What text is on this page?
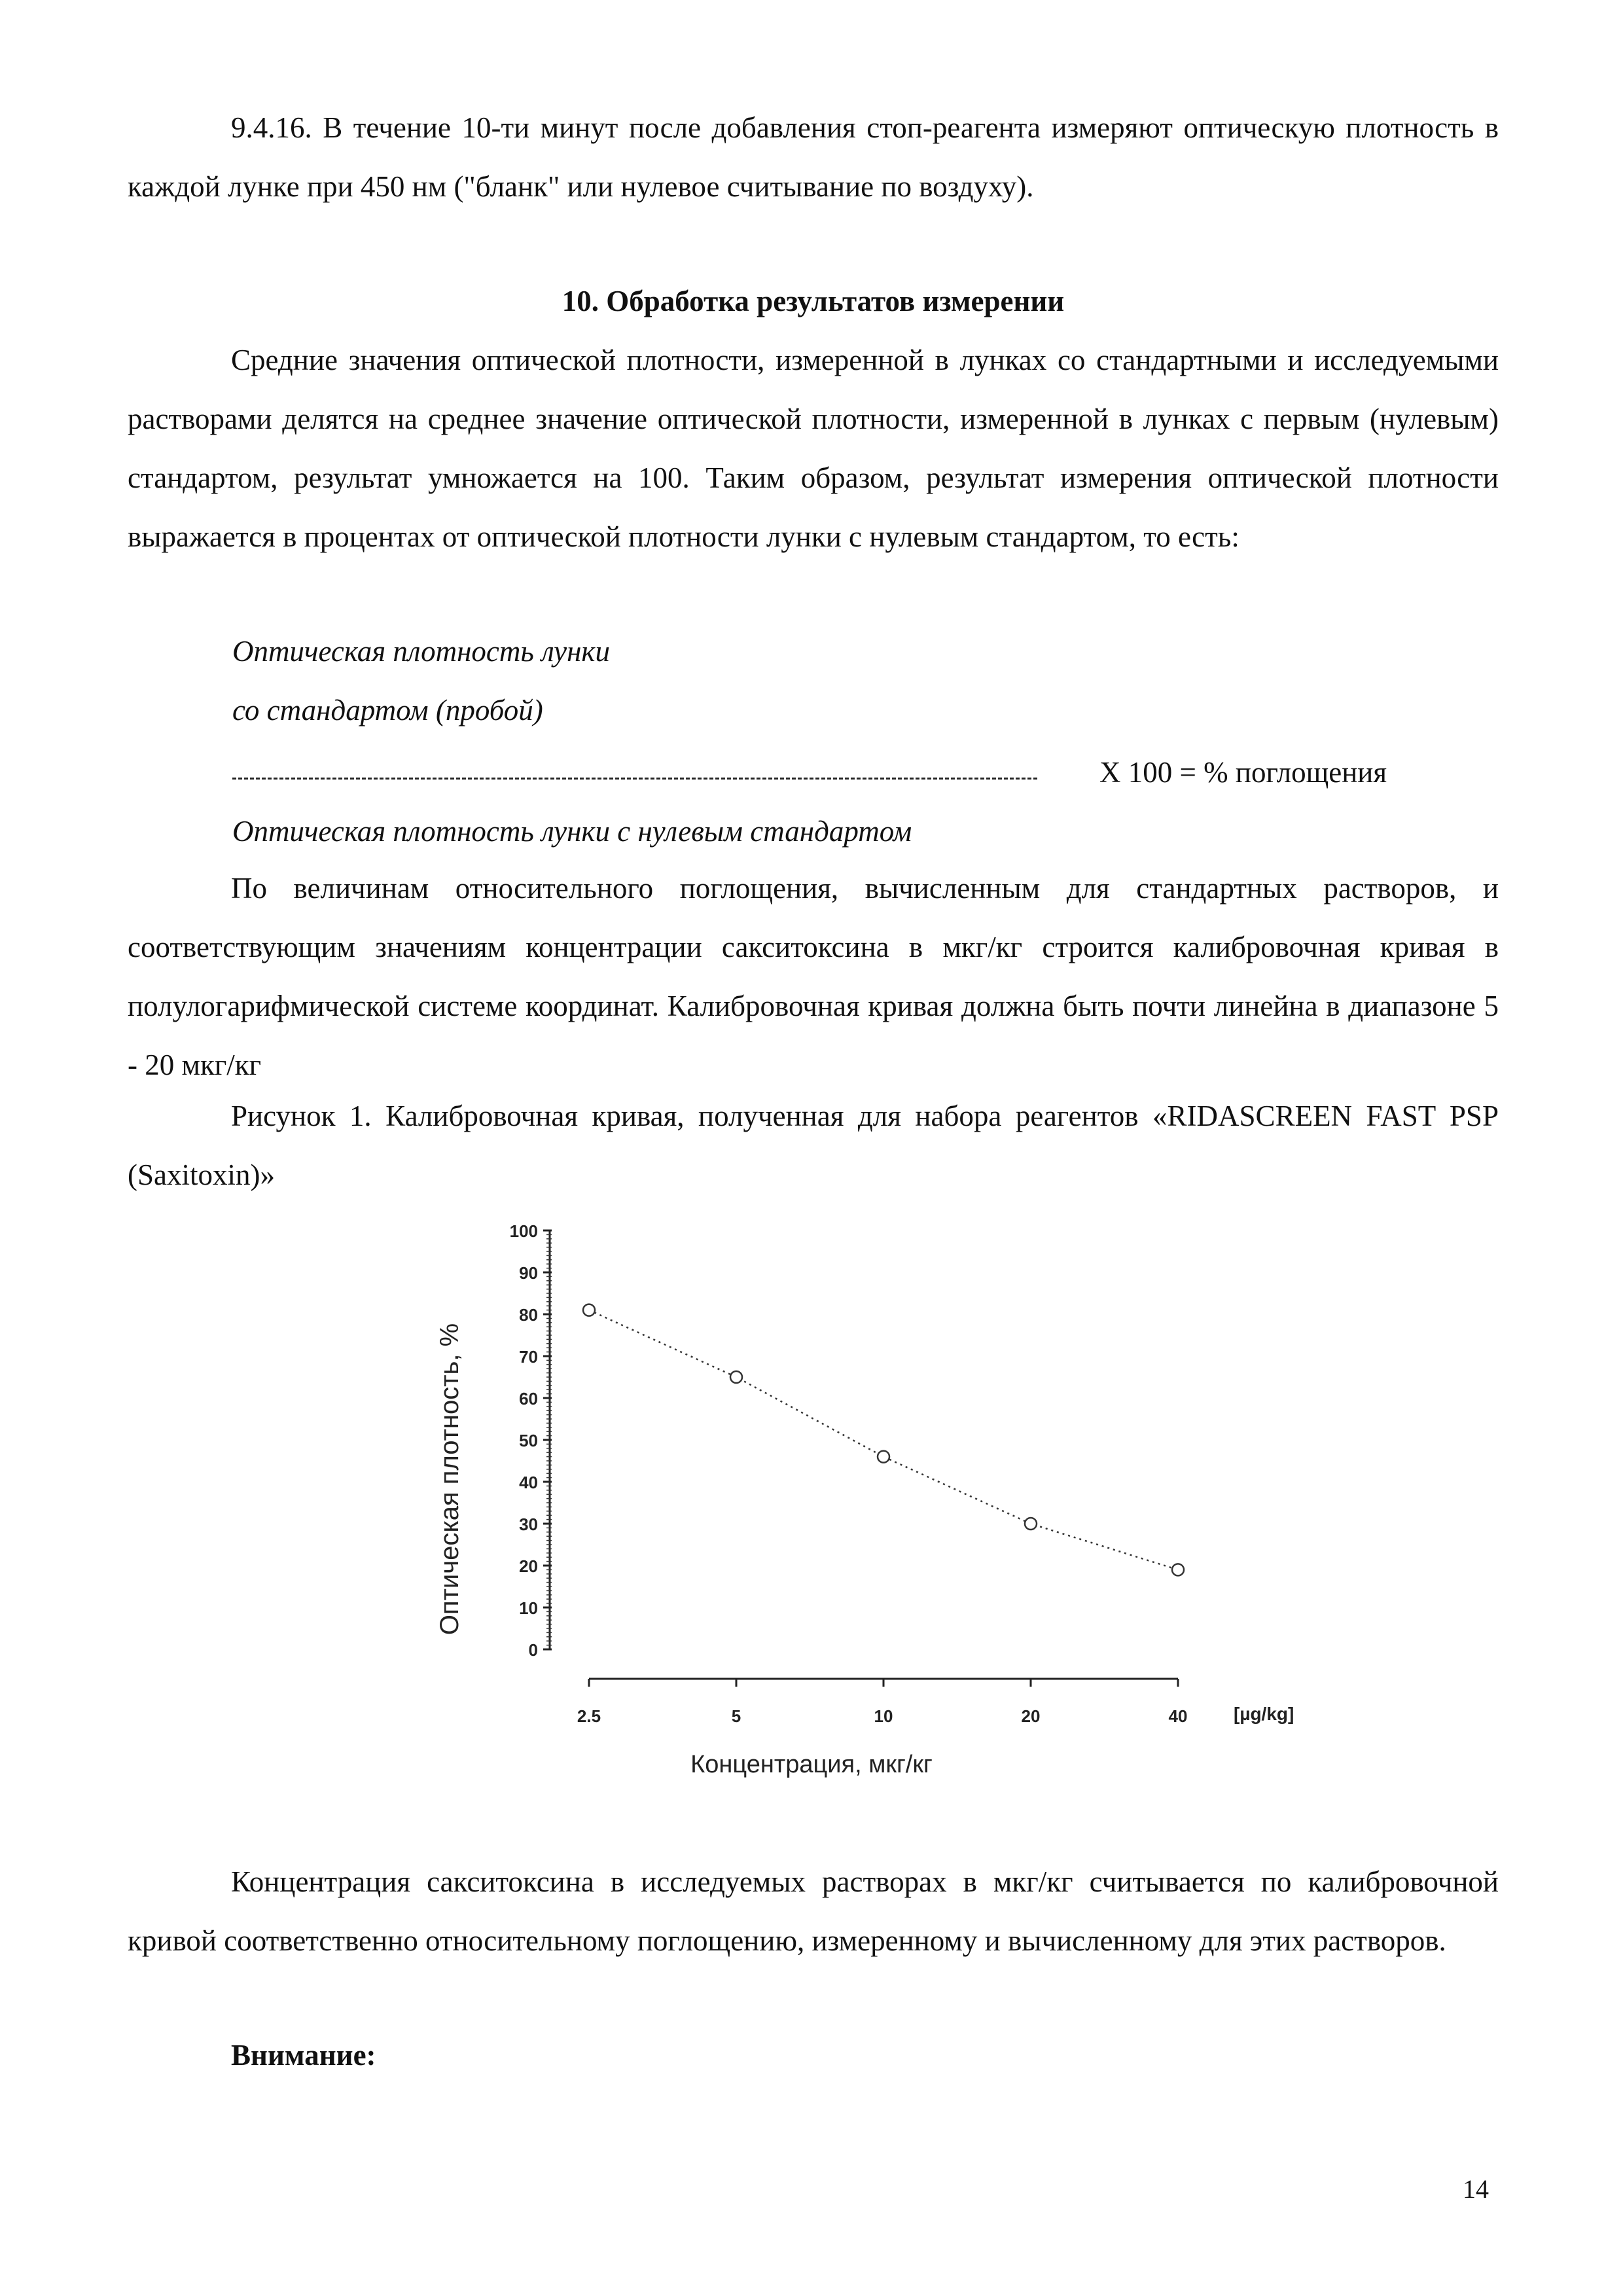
9.4.16. В течение 10-ти минут после добавления стоп-реагента измеряют оптическую плотность в каждой лунке при 450 нм ("бланк" или нулевое считывание по воздуху).

10. Обработка результатов измерении

Средние значения оптической плотности, измеренной в лунках со стандартными и исследуемыми растворами делятся на среднее значение оптической плотности, измеренной в лунках с первым (нулевым) стандартом, результат умножается на 100. Таким образом, результат измерения оптической плотности выражается в процентах от оптической плотности лунки с нулевым стандартом, то есть:

Оптическая плотность лунки

со стандартом (пробой)

X 100 = % поглощения

Оптическая плотность лунки с нулевым стандартом

По величинам относительного поглощения, вычисленным для стандартных растворов, и соответствующим значениям концентрации сакситоксина в мкг/кг строится калибровочная кривая в полулогарифмической системе координат. Калибровочная кривая должна быть почти линейна в диапазоне 5 - 20 мкг/кг

Рисунок 1. Калибровочная кривая, полученная для набора реагентов «RIDASCREEN FAST PSP (Saxitoxin)»

Оптическая плотность, %
Концентрация, мкг/кг
[µg/kg]
0
10
20
30
40
50
60
70
80
90
100
2.5	5	10	20	40

Концентрация сакситоксина в исследуемых растворах в мкг/кг считывается по калибровочной кривой соответственно относительному поглощению, измеренному и вычисленному для этих растворов.

Внимание:

14
